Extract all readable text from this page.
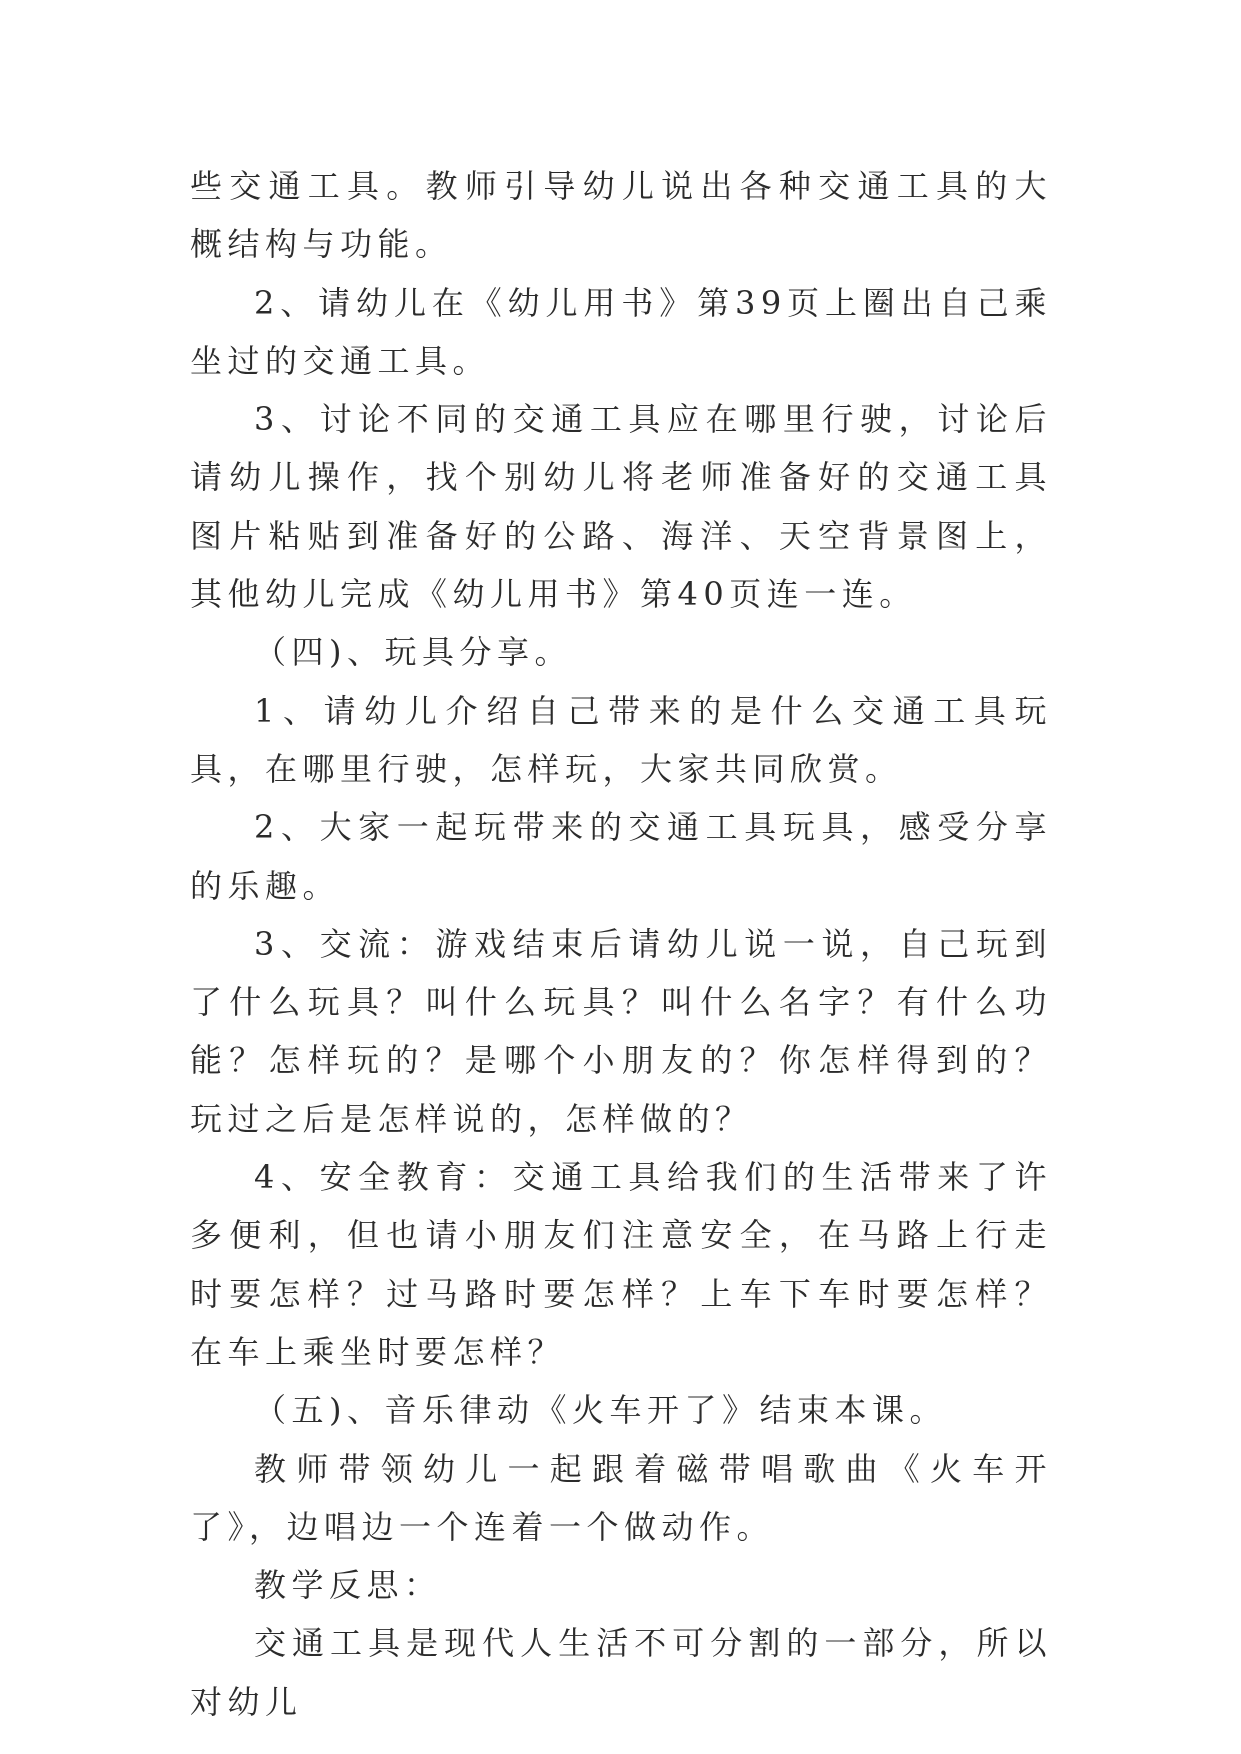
些交通工具。教师引导幼儿说出各种交通工具的大概结构与功能。

2、请幼儿在《幼儿用书》第39页上圈出自己乘坐过的交通工具。

3、讨论不同的交通工具应在哪里行驶，讨论后请幼儿操作，找个别幼儿将老师准备好的交通工具图片粘贴到准备好的公路、海洋、天空背景图上，其他幼儿完成《幼儿用书》第40页连一连。

（四)、玩具分享。

1、请幼儿介绍自己带来的是什么交通工具玩具，在哪里行驶，怎样玩，大家共同欣赏。

2、大家一起玩带来的交通工具玩具，感受分享的乐趣。

3、交流：游戏结束后请幼儿说一说，自己玩到了什么玩具？叫什么玩具？叫什么名字？有什么功能？怎样玩的？是哪个小朋友的？你怎样得到的？玩过之后是怎样说的，怎样做的？

4、安全教育：交通工具给我们的生活带来了许多便利，但也请小朋友们注意安全，在马路上行走时要怎样？过马路时要怎样？上车下车时要怎样？在车上乘坐时要怎样？

（五)、音乐律动《火车开了》结束本课。

教师带领幼儿一起跟着磁带唱歌曲《火车开了》，边唱边一个连着一个做动作。

教学反思：

交通工具是现代人生活不可分割的一部分，所以对幼儿
